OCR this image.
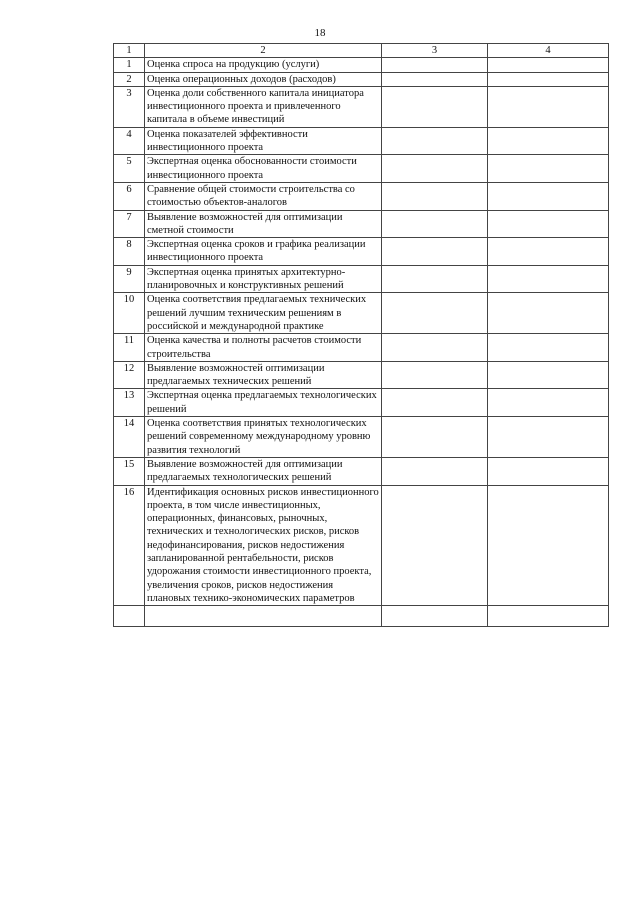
18
1	2	3	4
1	Оценка спроса на продукцию (услуги)		
2	Оценка операционных доходов (расходов)		
3	Оценка доли собственного капитала инициатора инвестиционного проекта и привлеченного капитала в объеме инвестиций		
4	Оценка показателей эффективности инвестиционного проекта		
5	Экспертная оценка обоснованности стоимости инвестиционного проекта		
6	Сравнение общей стоимости строительства со стоимостью объектов-аналогов		
7	Выявление возможностей для оптимизации сметной стоимости		
8	Экспертная оценка сроков и графика реализации инвестиционного проекта		
9	Экспертная оценка принятых архитектурно-планировочных и конструктивных решений		
10	Оценка соответствия предлагаемых технических решений лучшим техническим решениям в российской и международной практике		
11	Оценка качества и полноты расчетов стоимости строительства		
12	Выявление возможностей оптимизации предлагаемых технических решений		
13	Экспертная оценка предлагаемых технологических решений		
14	Оценка соответствия принятых технологических решений современному международному уровню развития технологий		
15	Выявление возможностей для оптимизации предлагаемых технологических решений		
16	Идентификация основных рисков инвестиционного проекта, в том числе инвестиционных, операционных, финансовых, рыночных, технических и технологических рисков, рисков недофинансирования, рисков недостижения запланированной рентабельности, рисков удорожания стоимости инвестиционного проекта, увеличения сроков, рисков недостижения плановых технико-экономических параметров		
